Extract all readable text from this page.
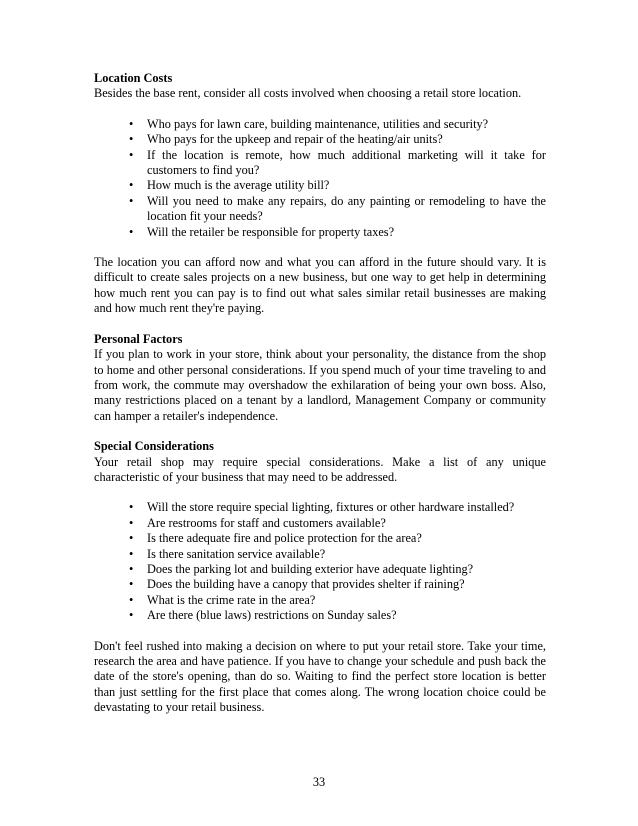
Location Costs

Besides the base rent, consider all costs involved when choosing a retail store location.

• Who pays for lawn care, building maintenance, utilities and security?
• Who pays for the upkeep and repair of the heating/air units?
• If the location is remote, how much additional marketing will it take for customers to find you?
• How much is the average utility bill?
• Will you need to make any repairs, do any painting or remodeling to have the location fit your needs?
• Will the retailer be responsible for property taxes?

The location you can afford now and what you can afford in the future should vary. It is difficult to create sales projects on a new business, but one way to get help in determining how much rent you can pay is to find out what sales similar retail businesses are making and how much rent they're paying.

Personal Factors

If you plan to work in your store, think about your personality, the distance from the shop to home and other personal considerations. If you spend much of your time traveling to and from work, the commute may overshadow the exhilaration of being your own boss. Also, many restrictions placed on a tenant by a landlord, Management Company or community can hamper a retailer's independence.

Special Considerations

Your retail shop may require special considerations. Make a list of any unique characteristic of your business that may need to be addressed.

• Will the store require special lighting, fixtures or other hardware installed?
• Are restrooms for staff and customers available?
• Is there adequate fire and police protection for the area?
• Is there sanitation service available?
• Does the parking lot and building exterior have adequate lighting?
• Does the building have a canopy that provides shelter if raining?
• What is the crime rate in the area?
• Are there (blue laws) restrictions on Sunday sales?

Don't feel rushed into making a decision on where to put your retail store. Take your time, research the area and have patience. If you have to change your schedule and push back the date of the store's opening, than do so. Waiting to find the perfect store location is better than just settling for the first place that comes along. The wrong location choice could be devastating to your retail business.

33
